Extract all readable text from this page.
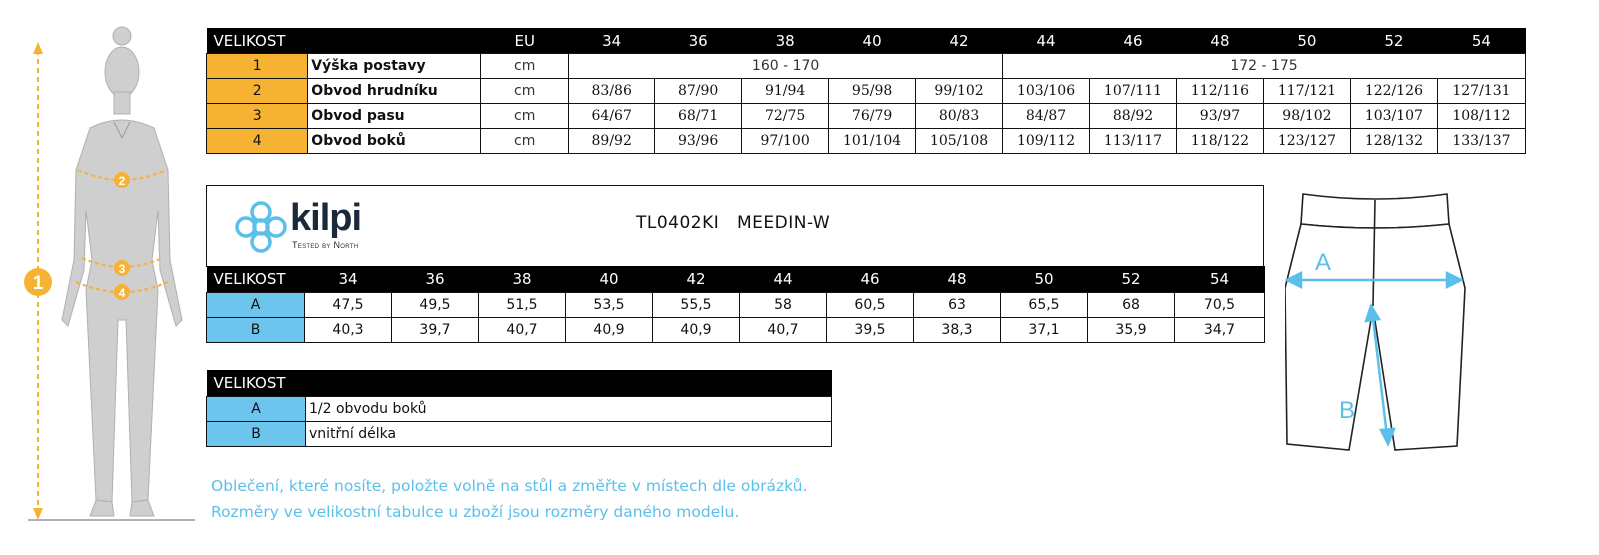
1
2
3
4
VELIKOST		EU	34	36	38	40	42	44	46	48	50	52	54
1	Výška postavy	cm	160 - 170					172 - 175					
2	Obvod hrudníku	cm	83/86	87/90	91/94	95/98	99/102	103/106	107/111	112/116	117/121	122/126	127/131
3	Obvod pasu	cm	64/67	68/71	72/75	76/79	80/83	84/87	88/92	93/97	98/102	103/107	108/112
4	Obvod boků	cm	89/92	93/96	97/100	101/104	105/108	109/112	113/117	118/122	123/127	128/132	133/137
kilpi
Tested by North
TL0402KI MEEDIN-W
VELIKOST	34	36	38	40	42	44	46	48	50	52	54
A	47,5	49,5	51,5	53,5	55,5	58	60,5	63	65,5	68	70,5
B	40,3	39,7	40,7	40,9	40,9	40,7	39,5	38,3	37,1	35,9	34,7
VELIKOST	
A	1/2 obvodu boků
B	vnitřní délka
A
B
Oblečení, které nosíte, položte volně na stůl a změřte v místech dle obrázků.
Rozměry ve velikostní tabulce u zboží jsou rozměry daného modelu.
